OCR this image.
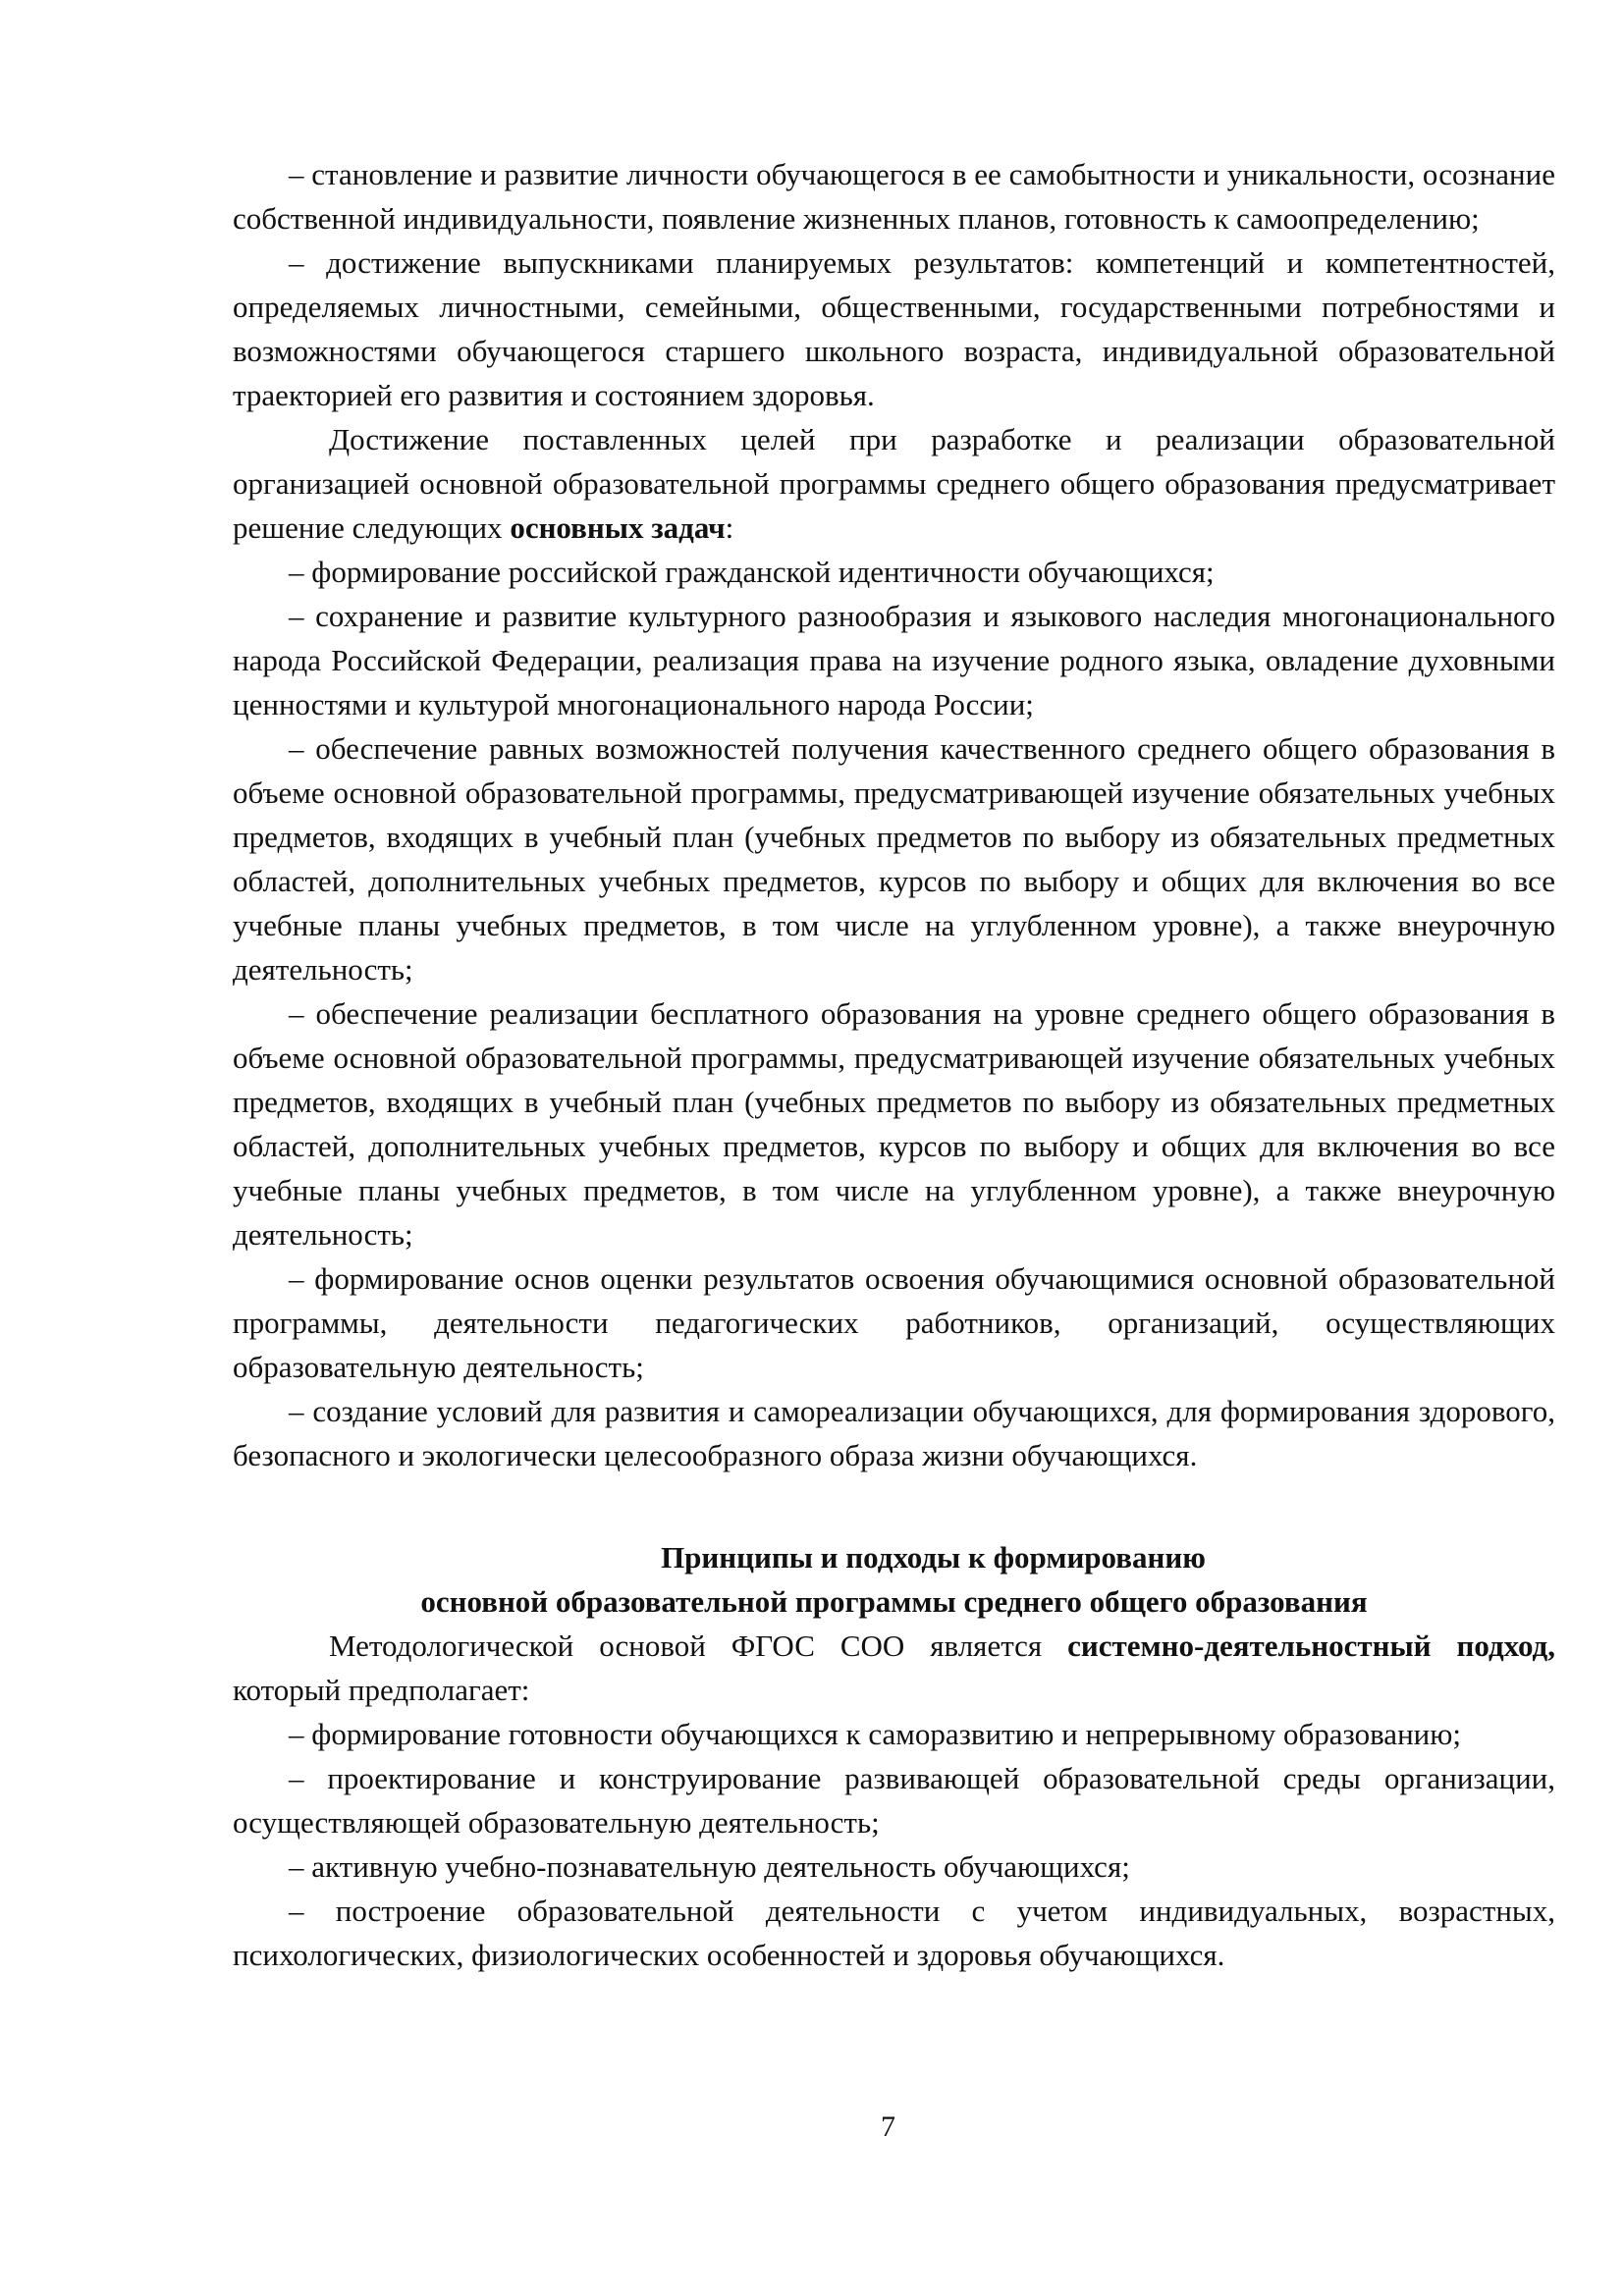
– становление и развитие личности обучающегося в ее самобытности и уникальности, осознание собственной индивидуальности, появление жизненных планов, готовность к самоопределению;

– достижение выпускниками планируемых результатов: компетенций и компетентностей, определяемых личностными, семейными, общественными, государственными потребностями и возможностями обучающегося старшего школьного возраста, индивидуальной образовательной траекторией его развития и состоянием здоровья.

Достижение поставленных целей при разработке и реализации образовательной организацией основной образовательной программы среднего общего образования предусматривает решение следующих основных задач:

– формирование российской гражданской идентичности обучающихся;

– сохранение и развитие культурного разнообразия и языкового наследия многонационального народа Российской Федерации, реализация права на изучение родного языка, овладение духовными ценностями и культурой многонационального народа России;

– обеспечение равных возможностей получения качественного среднего общего образования в объеме основной образовательной программы, предусматривающей изучение обязательных учебных предметов, входящих в учебный план (учебных предметов по выбору из обязательных предметных областей, дополнительных учебных предметов, курсов по выбору и общих для включения во все учебные планы учебных предметов, в том числе на углубленном уровне), а также внеурочную деятельность;

– обеспечение реализации бесплатного образования на уровне среднего общего образования в объеме основной образовательной программы, предусматривающей изучение обязательных учебных предметов, входящих в учебный план (учебных предметов по выбору из обязательных предметных областей, дополнительных учебных предметов, курсов по выбору и общих для включения во все учебные планы учебных предметов, в том числе на углубленном уровне), а также внеурочную деятельность;

– формирование основ оценки результатов освоения обучающимися основной образовательной программы, деятельности педагогических работников, организаций, осуществляющих образовательную деятельность;

– создание условий для развития и самореализации обучающихся, для формирования здорового, безопасного и экологически целесообразного образа жизни обучающихся.

Принципы и подходы к формированию
основной образовательной программы среднего общего образования

Методологической основой ФГОС СОО является системно-деятельностный подход, который предполагает:

– формирование готовности обучающихся к саморазвитию и непрерывному образованию;

– проектирование и конструирование развивающей образовательной среды организации, осуществляющей образовательную деятельность;

– активную учебно-познавательную деятельность обучающихся;

– построение образовательной деятельности с учетом индивидуальных, возрастных, психологических, физиологических особенностей и здоровья обучающихся.

7
